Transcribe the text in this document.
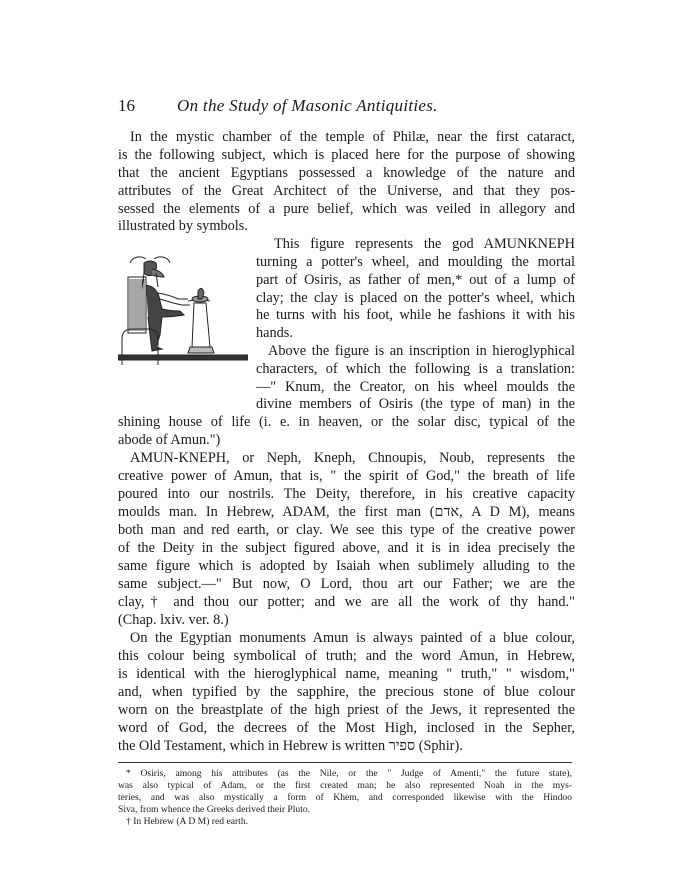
16 On the Study of Masonic Antiquities.
In the mystic chamber of the temple of Philæ, near the first cataract,
is the following subject, which is placed here for the purpose of showing
that the ancient Egyptians possessed a knowledge of the nature and
attributes of the Great Architect of the Universe, and that they pos-
sessed the elements of a pure belief, which was veiled in allegory and
illustrated by symbols.
This figure represents the god AMUNKNEPH
turning a potter's wheel, and moulding the mortal
part of Osiris, as father of men,* out of a lump of
clay; the clay is placed on the potter's wheel, which
he turns with his foot, while he fashions it with his
hands.
Above the figure is an inscription in hieroglyphical
characters, of which the following is a translation:
—" Knum, the Creator, on his wheel moulds the
divine members of Osiris (the type of man) in the
shining house of life (i. e. in heaven, or the solar disc, typical of the
abode of Amun.")
AMUN-KNEPH, or Neph, Kneph, Chnoupis, Noub, represents the
creative power of Amun, that is, " the spirit of God," the breath of life
poured into our nostrils. The Deity, therefore, in his creative capacity
moulds man. In Hebrew, ADAM, the first man (אדם, A D M), means
both man and red earth, or clay. We see this type of the creative power
of the Deity in the subject figured above, and it is in idea precisely the
same figure which is adopted by Isaiah when sublimely alluding to the
same subject.—" But now, O Lord, thou art our Father; we are the
clay,† and thou our potter; and we are all the work of thy hand."
(Chap. lxiv. ver. 8.)
On the Egyptian monuments Amun is always painted of a blue colour,
this colour being symbolical of truth; and the word Amun, in Hebrew,
is identical with the hieroglyphical name, meaning " truth," " wisdom,"
and, when typified by the sapphire, the precious stone of blue colour
worn on the breastplate of the high priest of the Jews, it represented the
word of God, the decrees of the Most High, inclosed in the Sepher,
the Old Testament, which in Hebrew is written ספיר (Sphir).
* Osiris, among his attributes (as the Nile, or the " Judge of Amenti," the future state),
was also typical of Adam, or the first created man; he also represented Noah in the mys-
teries, and was also mystically a form of Khem, and corresponded likewise with the Hindoo
Siva, from whence the Greeks derived their Pluto.
† In Hebrew (A D M) red earth.
